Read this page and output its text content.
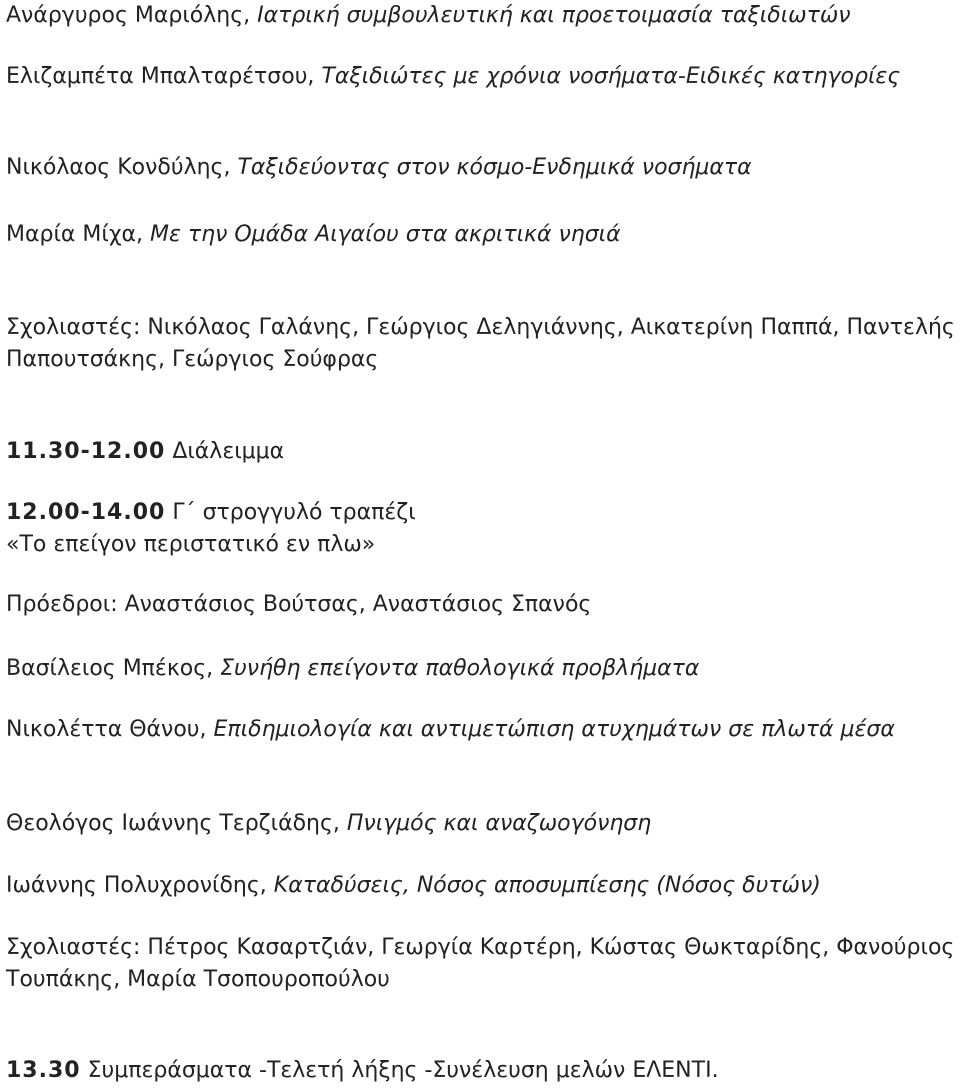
Ανάργυρος Μαριόλης, Ιατρική συμβουλευτική και προετοιμασία ταξιδιωτών

Ελιζαμπέτα Μπαλταρέτσου, Ταξιδιώτες με χρόνια νοσήματα-Ειδικές κατηγορίες

Νικόλαος Κονδύλης, Ταξιδεύοντας στον κόσμο-Ενδημικά νοσήματα

Μαρία Μίχα, Με την Ομάδα Αιγαίου στα ακριτικά νησιά

Σχολιαστές: Νικόλαος Γαλάνης, Γεώργιος Δεληγιάννης, Αικατερίνη Παππά, Παντελής Παπουτσάκης, Γεώργιος Σούφρας

11.30-12.00 Διάλειμμα

12.00-14.00 Γ΄ στρογγυλό τραπέζι
«Το επείγον περιστατικό εν πλω»

Πρόεδροι: Αναστάσιος Βούτσας, Αναστάσιος Σπανός

Βασίλειος Μπέκος, Συνήθη επείγοντα παθολογικά προβλήματα

Νικολέττα Θάνου, Επιδημιολογία και αντιμετώπιση ατυχημάτων σε πλωτά μέσα

Θεολόγος Ιωάννης Τερζιάδης, Πνιγμός και αναζωογόνηση

Ιωάννης Πολυχρονίδης, Καταδύσεις, Νόσος αποσυμπίεσης (Νόσος δυτών)

Σχολιαστές: Πέτρος Κασαρτζιάν, Γεωργία Καρτέρη, Κώστας Θωκταρίδης, Φανούριος Τουπάκης, Μαρία Τσοπουροπούλου

13.30 Συμπεράσματα -Τελετή λήξης -Συνέλευση μελών ΕΛΕΝΤΙ.
